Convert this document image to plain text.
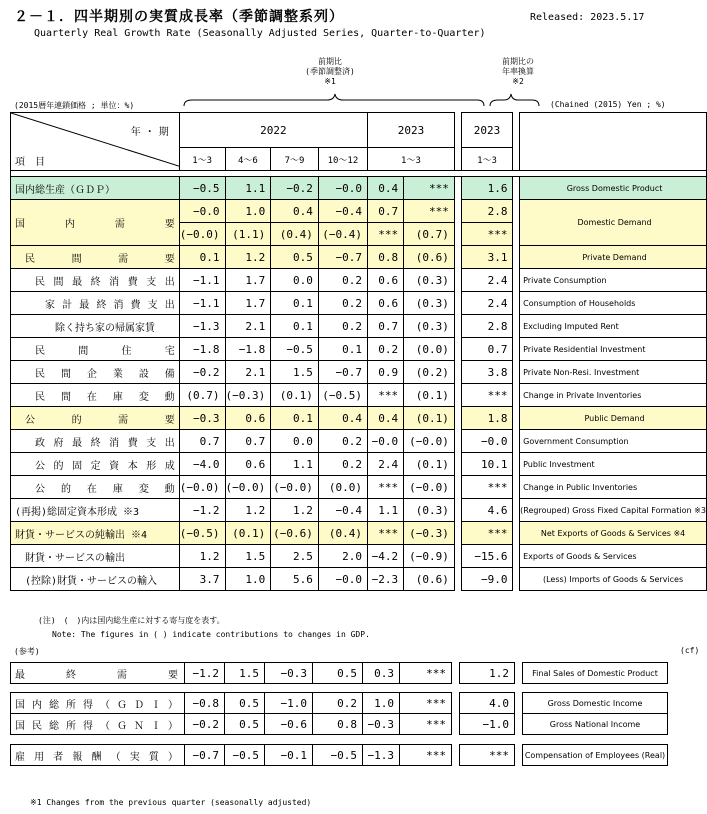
２－１．四半期別の実質成長率（季節調整系列）
Quarterly Real Growth Rate (Seasonally Adjusted Series, Quarter-to-Quarter)
Released: 2023.5.17
前期比
(季節調整済)
※1
前期比の
年率換算
※2
(2015暦年連鎖価格 ; 単位：%)	(Chained (2015) Yen ; %)
年・期
項目	2022				2023			2023		
	1～3	4～6	7～9	10～12	1～3			1～3		

国内総生産（ＧＤＰ）	−0.5	1.1	−0.2	−0.0	0.4	***		1.6		Gross Domestic Product

国内需要	−0.0	1.0	0.4	−0.4	0.7	***		2.8		Domestic Demand
	(−0.0)	(1.1)	(0.4)	(−0.4)	***	(0.7)		***		

民間需要	0.1	1.2	0.5	−0.7	0.8	(0.6)		3.1		Private Demand

民間最終消費支出	−1.1	1.7	0.0	0.2	0.6	(0.3)		2.4		Private Consumption

家計最終消費支出	−1.1	1.7	0.1	0.2	0.6	(0.3)		2.4		Consumption of Households

除く持ち家の帰属家賃	−1.3	2.1	0.1	0.2	0.7	(0.3)		2.8		Excluding Imputed Rent

民間住宅	−1.8	−1.8	−0.5	0.1	0.2	(0.0)		0.7		Private Residential Investment

民間企業設備	−0.2	2.1	1.5	−0.7	0.9	(0.2)		3.8		Private Non-Resi. Investment

民間在庫変動	(0.7)	(−0.3)	(0.1)	(−0.5)	***	(0.1)		***		Change in Private Inventories

公的需要	−0.3	0.6	0.1	0.4	0.4	(0.1)		1.8		Public Demand

政府最終消費支出	0.7	0.7	0.0	0.2	−0.0	(−0.0)		−0.0		Government Consumption

公的固定資本形成	−4.0	0.6	1.1	0.2	2.4	(0.1)		10.1		Public Investment

公的在庫変動	(−0.0)	(−0.0)	(−0.0)	(0.0)	***	(−0.0)		***		Change in Public Inventories

(再掲)総固定資本形成 ※3	−1.2	1.2	1.2	−0.4	1.1	(0.3)		4.6		(Regrouped) Gross Fixed Capital Formation ※3

財貨・サービスの純輸出 ※4	(−0.5)	(0.1)	(−0.6)	(0.4)	***	(−0.3)		***		Net Exports of Goods & Services ※4

財貨・サービスの輸出	1.2	1.5	2.5	2.0	−4.2	(−0.9)		−15.6		Exports of Goods & Services

(控除)財貨・サービスの輸入	3.7	1.0	5.6	−0.0	−2.3	(0.6)		−9.0		(Less) Imports of Goods & Services
(注)　(　)内は国内総生産に対する寄与度を表す。
Note: The figures in ( ) indicate contributions to changes in GDP.
(参考)	(cf)
最終需要	−1.2	1.5	−0.3	0.5	0.3	***		1.2		Final Sales of Domestic Product
国内総所得（ＧＤＩ）	−0.8	0.5	−1.0	0.2	1.0	***		4.0		Gross Domestic Income

国民総所得（ＧＮＩ）	−0.2	0.5	−0.6	0.8	−0.3	***		−1.0		Gross National Income
雇用者報酬（実質）	−0.7	−0.5	−0.1	−0.5	−1.3	***		***		Compensation of Employees (Real)
※1 Changes from the previous quarter (seasonally adjusted)
